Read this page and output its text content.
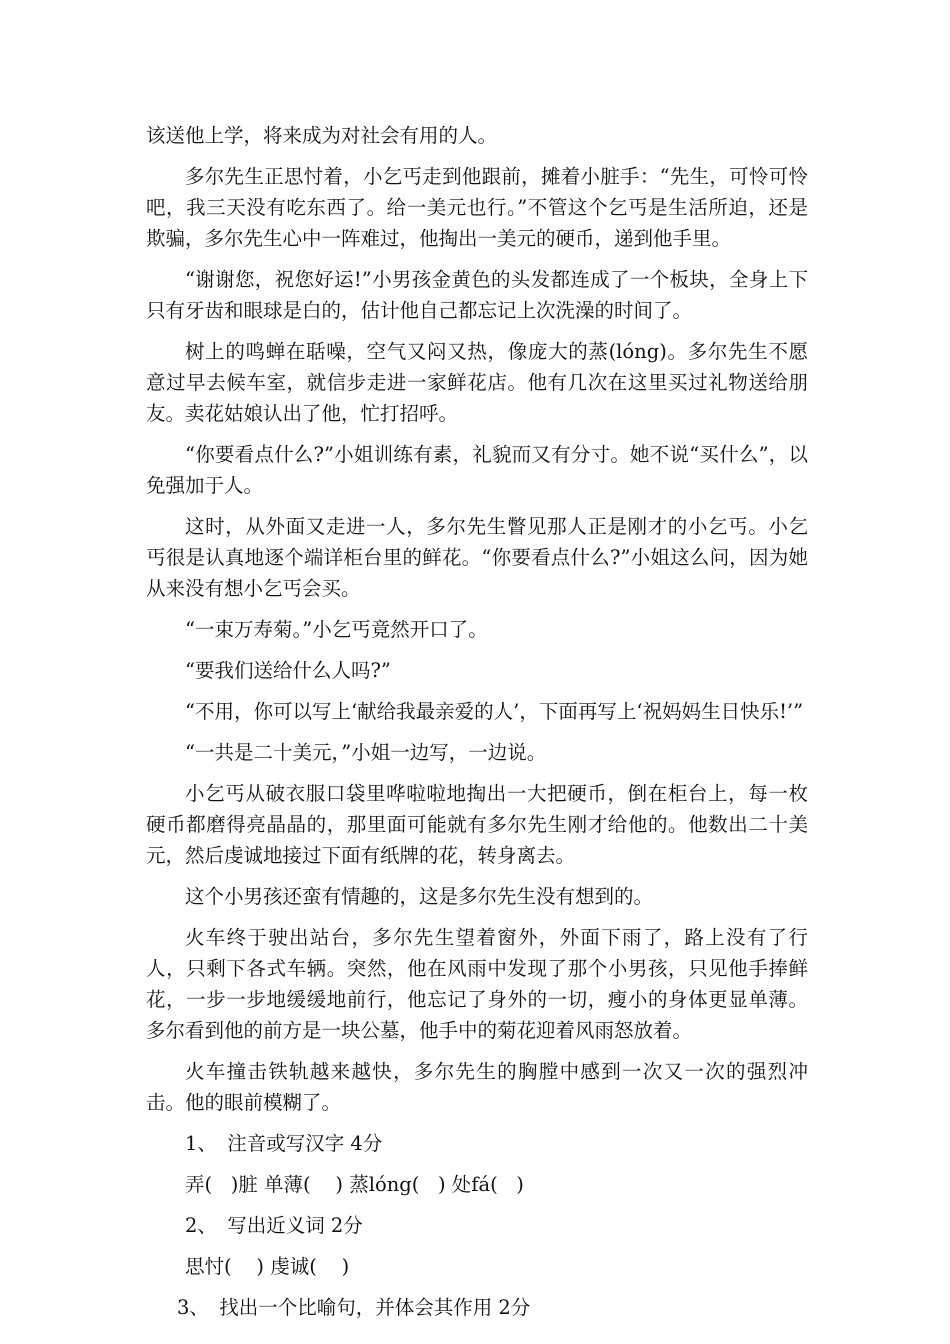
该送他上学，将来成为对社会有用的人。

多尔先生正思忖着，小乞丐走到他跟前，摊着小脏手：“先生，可怜可怜吧，我三天没有吃东西了。给一美元也行。”不管这个乞丐是生活所迫，还是欺骗，多尔先生心中一阵难过，他掏出一美元的硬币，递到他手里。

“谢谢您，祝您好运!”小男孩金黄色的头发都连成了一个板块，全身上下只有牙齿和眼球是白的，估计他自己都忘记上次洗澡的时间了。

树上的鸣蝉在聒噪，空气又闷又热，像庞大的蒸(lóng)。多尔先生不愿意过早去候车室，就信步走进一家鲜花店。他有几次在这里买过礼物送给朋友。卖花姑娘认出了他，忙打招呼。

“你要看点什么?”小姐训练有素，礼貌而又有分寸。她不说“买什么”，以免强加于人。

这时，从外面又走进一人，多尔先生瞥见那人正是刚才的小乞丐。小乞丐很是认真地逐个端详柜台里的鲜花。“你要看点什么?”小姐这么问，因为她从来没有想小乞丐会买。

“一束万寿菊。”小乞丐竟然开口了。

“要我们送给什么人吗?”

“不用，你可以写上‘献给我最亲爱的人’，下面再写上‘祝妈妈生日快乐!’”

“一共是二十美元，”小姐一边写，一边说。

小乞丐从破衣服口袋里哗啦啦地掏出一大把硬币，倒在柜台上，每一枚硬币都磨得亮晶晶的，那里面可能就有多尔先生刚才给他的。他数出二十美元，然后虔诚地接过下面有纸牌的花，转身离去。

这个小男孩还蛮有情趣的，这是多尔先生没有想到的。

火车终于驶出站台，多尔先生望着窗外，外面下雨了，路上没有了行人，只剩下各式车辆。突然，他在风雨中发现了那个小男孩，只见他手捧鲜花，一步一步地缓缓地前行，他忘记了身外的一切，瘦小的身体更显单薄。多尔看到他的前方是一块公墓，他手中的菊花迎着风雨怒放着。

火车撞击铁轨越来越快，多尔先生的胸膛中感到一次又一次的强烈冲击。他的眼前模糊了。

1、 注音或写汉字 4分
弄(   )脏 单薄(    ) 蒸lóng(   ) 处fá(   )
2、 写出近义词 2分
思忖(    ) 虔诚(    )
3、 找出一个比喻句，并体会其作用 2分
